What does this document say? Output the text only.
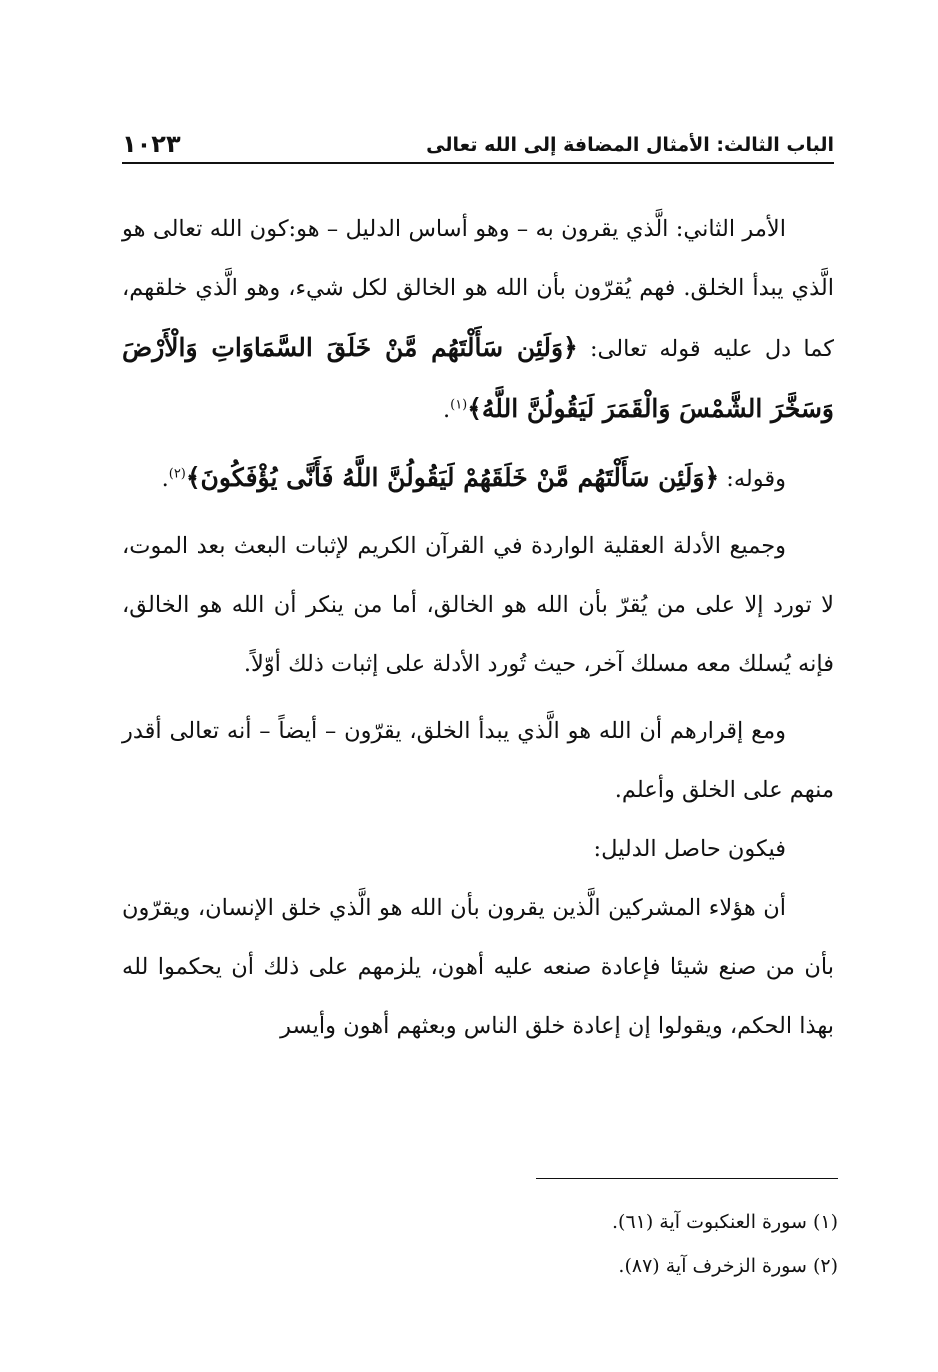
الباب الثالث: الأمثال المضافة إلى الله تعالى
١٠٢٣

الأمر الثاني: الَّذي يقرون به – وهو أساس الدليل – هو:كون الله تعالى هو الَّذي يبدأ الخلق. فهم يُقرّون بأن الله هو الخالق لكل شيء، وهو الَّذي خلقهم، كما دل عليه قوله تعالى: ﴿وَلَئِن سَأَلْتَهُم مَّنْ خَلَقَ السَّمَاوَاتِ وَالْأَرْضَ وَسَخَّرَ الشَّمْسَ وَالْقَمَرَ لَيَقُولُنَّ اللَّهُ﴾$^{(١)}$.

وقوله: ﴿وَلَئِن سَأَلْتَهُم مَّنْ خَلَقَهُمْ لَيَقُولُنَّ اللَّهُ فَأَنَّى يُؤْفَكُونَ﴾$^{(٢)}$.

وجميع الأدلة العقلية الواردة في القرآن الكريم لإثبات البعث بعد الموت، لا تورد إلا على من يُقرّ بأن الله هو الخالق، أما من ينكر أن الله هو الخالق، فإنه يُسلك معه مسلك آخر، حيث تُورد الأدلة على إثبات ذلك أوّلاً.

ومع إقرارهم أن الله هو الَّذي يبدأ الخلق، يقرّون – أيضاً – أنه تعالى أقدر منهم على الخلق وأعلم.

فيكون حاصل الدليل:

أن هؤلاء المشركين الَّذين يقرون بأن الله هو الَّذي خلق الإنسان، ويقرّون بأن من صنع شيئا فإعادة صنعه عليه أهون، يلزمهم على ذلك أن يحكموا لله بهذا الحكم، ويقولوا إن إعادة خلق الناس وبعثهم أهون وأيسر

(١) سورة العنكبوت آية (٦١).
(٢) سورة الزخرف آية (٨٧).
